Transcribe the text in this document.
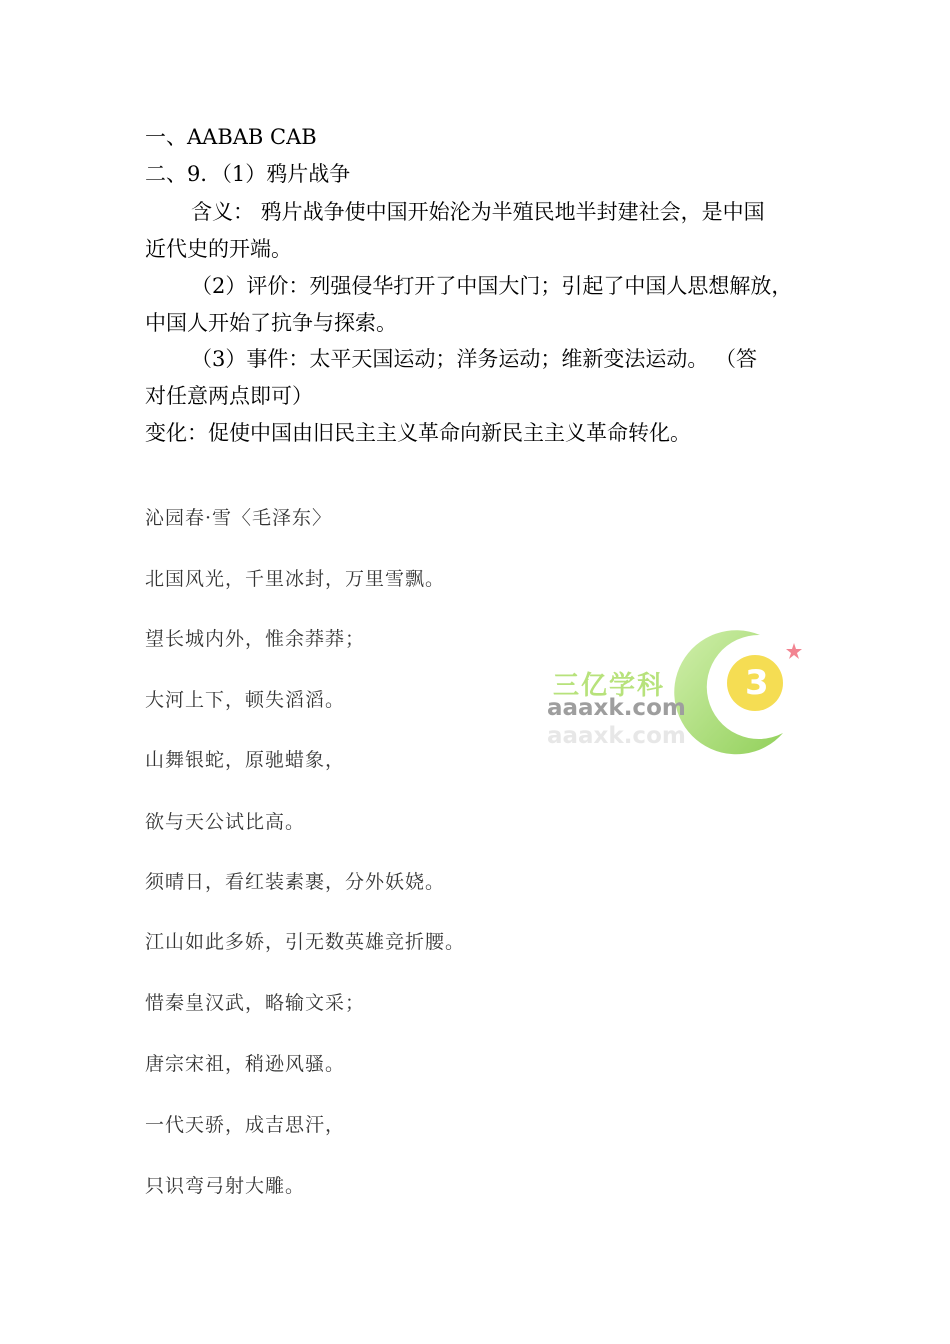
一、AABAB CAB
二、9．（1）鸦片战争
含义： 鸦片战争使中国开始沦为半殖民地半封建社会，是中国
近代史的开端。
（2）评价：列强侵华打开了中国大门；引起了中国人思想解放，
中国人开始了抗争与探索。
（3）事件：太平天国运动；洋务运动；维新变法运动。 （答
对任意两点即可）
变化：促使中国由旧民主主义革命向新民主主义革命转化。
沁园春·雪〈毛泽东〉
北国风光，千里冰封，万里雪飘。
望长城内外，惟余莽莽；
大河上下，顿失滔滔。
山舞银蛇，原驰蜡象，
欲与天公试比高。
须晴日，看红装素裹，分外妖娆。
江山如此多娇，引无数英雄竞折腰。
惜秦皇汉武，略输文采；
唐宗宋祖，稍逊风骚。
一代天骄，成吉思汗，
只识弯弓射大雕。
3
三亿学科
aaaxk.com
aaaxk.com
